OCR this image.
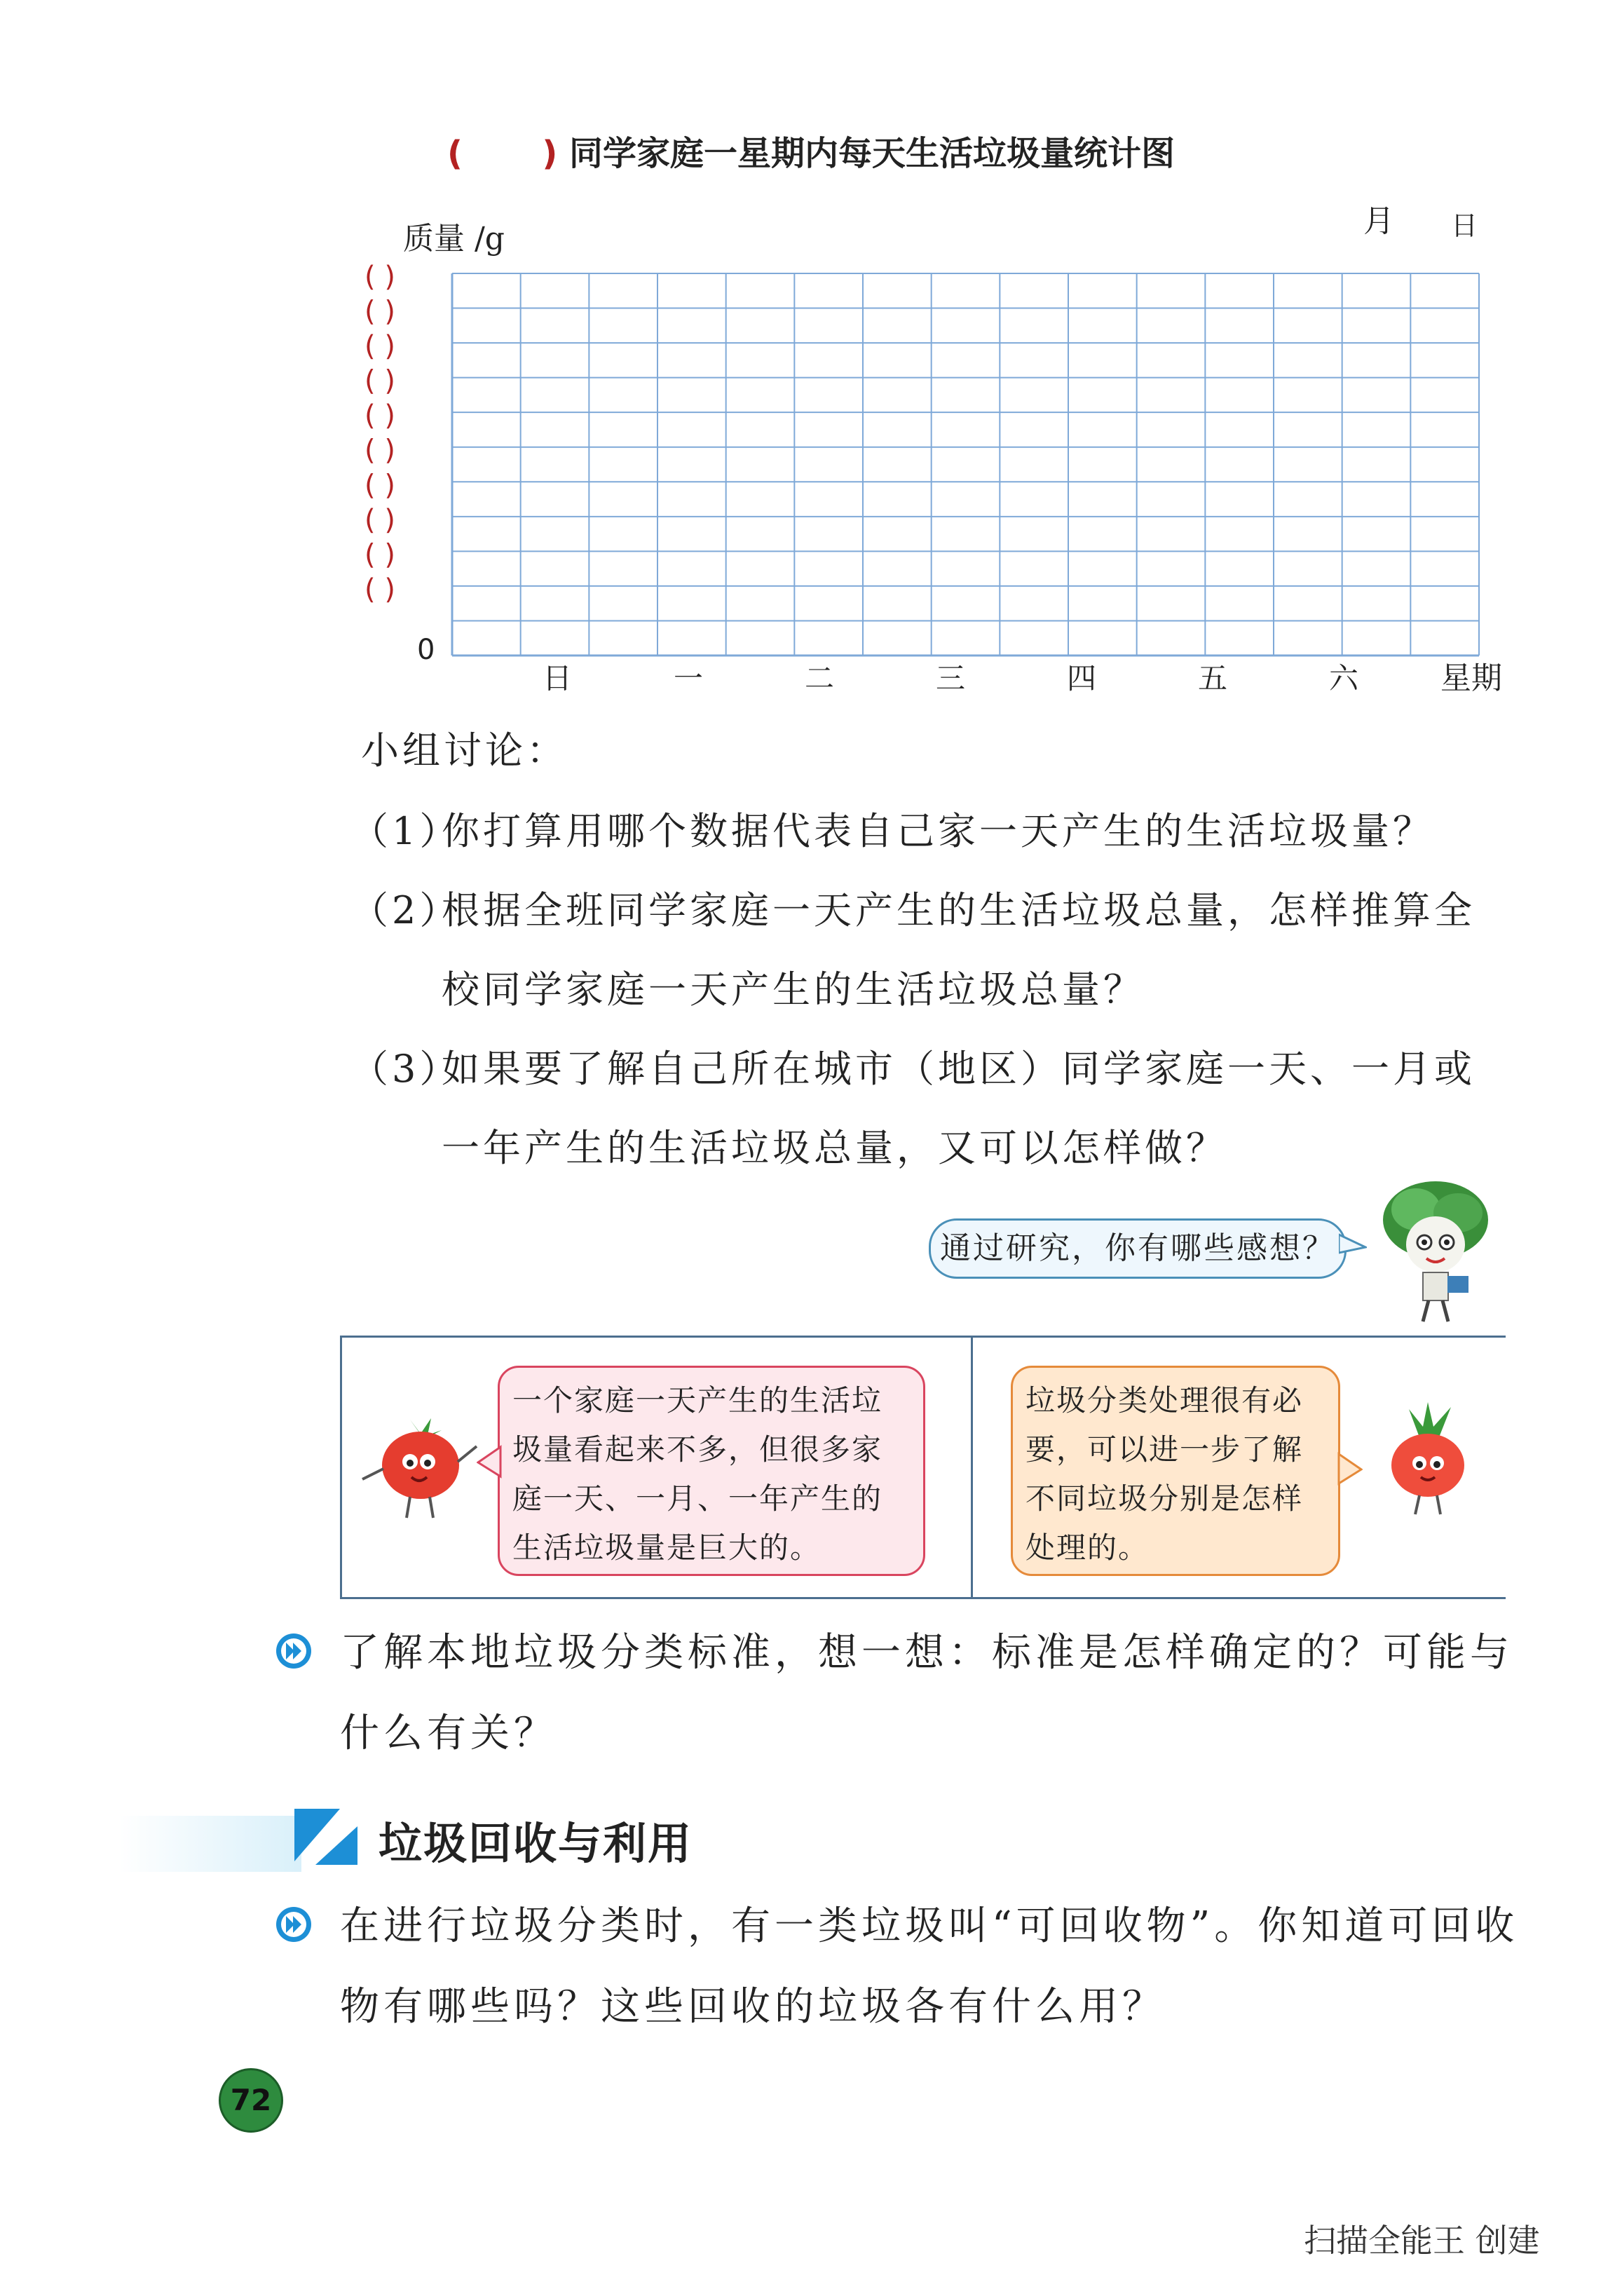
( ) 同学家庭一星期内每天生活垃圾量统计图
质量 /g	月 日
0
( )
( )
( )
( )
( )
( )
( )
( )
( )
( )
日	一	二	三	四	五	六	星期
小组讨论：
（1）你打算用哪个数据代表自己家一天产生的生活垃圾量？
（2）根据全班同学家庭一天产生的生活垃圾总量，怎样推算全
校同学家庭一天产生的生活垃圾总量？
（3）如果要了解自己所在城市（地区）同学家庭一天、一月或
一年产生的生活垃圾总量，又可以怎样做？
通过研究，你有哪些感想？
一个家庭一天产生的生活垃
圾量看起来不多，但很多家
庭一天、一月、一年产生的
生活垃圾量是巨大的。
垃圾分类处理很有必
要，可以进一步了解
不同垃圾分别是怎样
处理的。
了解本地垃圾分类标准，想一想：标准是怎样确定的？可能与
什么有关？
垃圾回收与利用
在进行垃圾分类时，有一类垃圾叫“可回收物”。你知道可回收
物有哪些吗？这些回收的垃圾各有什么用？
72
扫描全能王 创建
